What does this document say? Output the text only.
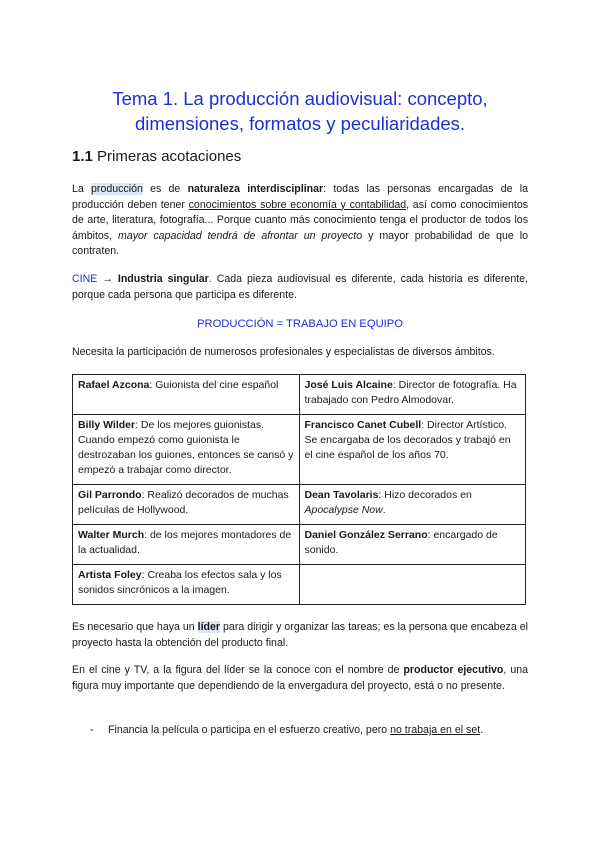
Tema 1. La producción audiovisual: concepto,
dimensiones, formatos y peculiaridades.
1.1 Primeras acotaciones
La producción es de naturaleza interdisciplinar: todas las personas encargadas de la producción deben tener conocimientos sobre economía y contabilidad, así como conocimientos de arte, literatura, fotografía... Porque cuanto más conocimiento tenga el productor de todos los ámbitos, mayor capacidad tendrá de afrontar un proyecto y mayor probabilidad de que lo contraten.
CINE → Industria singular. Cada pieza audiovisual es diferente, cada historia es diferente, porque cada persona que participa es diferente.
PRODUCCIÓN = TRABAJO EN EQUIPO
Necesita la participación de numerosos profesionales y especialistas de diversos ámbitos.
Rafael Azcona: Guionista del cine español	José Luis Alcaine: Director de fotografía. Ha trabajado con Pedro Almodovar.
Billy Wilder: De los mejores guionistas. Cuando empezó como guionista le destrozaban los guiones, entonces se cansó y empezó a trabajar como director.	Francisco Canet Cubell: Director Artístico. Se encargaba de los decorados y trabajó en el cine español de los años 70.
Gil Parrondo: Realizó decorados de muchas películas de Hollywood.	Dean Tavolaris: Hizo decorados en Apocalypse Now.
Walter Murch: de los mejores montadores de la actualidad.	Daniel González Serrano: encargado de sonido.
Artista Foley: Creaba los efectos sala y los sonidos sincrónicos a la imagen.	
Es necesario que haya un líder para dirigir y organizar las tareas; es la persona que encabeza el proyecto hasta la obtención del producto final.
En el cine y TV, a la figura del líder se la conoce con el nombre de productor ejecutivo, una figura muy importante que dependiendo de la envergadura del proyecto, está o no presente.
- Financia la película o participa en el esfuerzo creativo, pero no trabaja en el set.
